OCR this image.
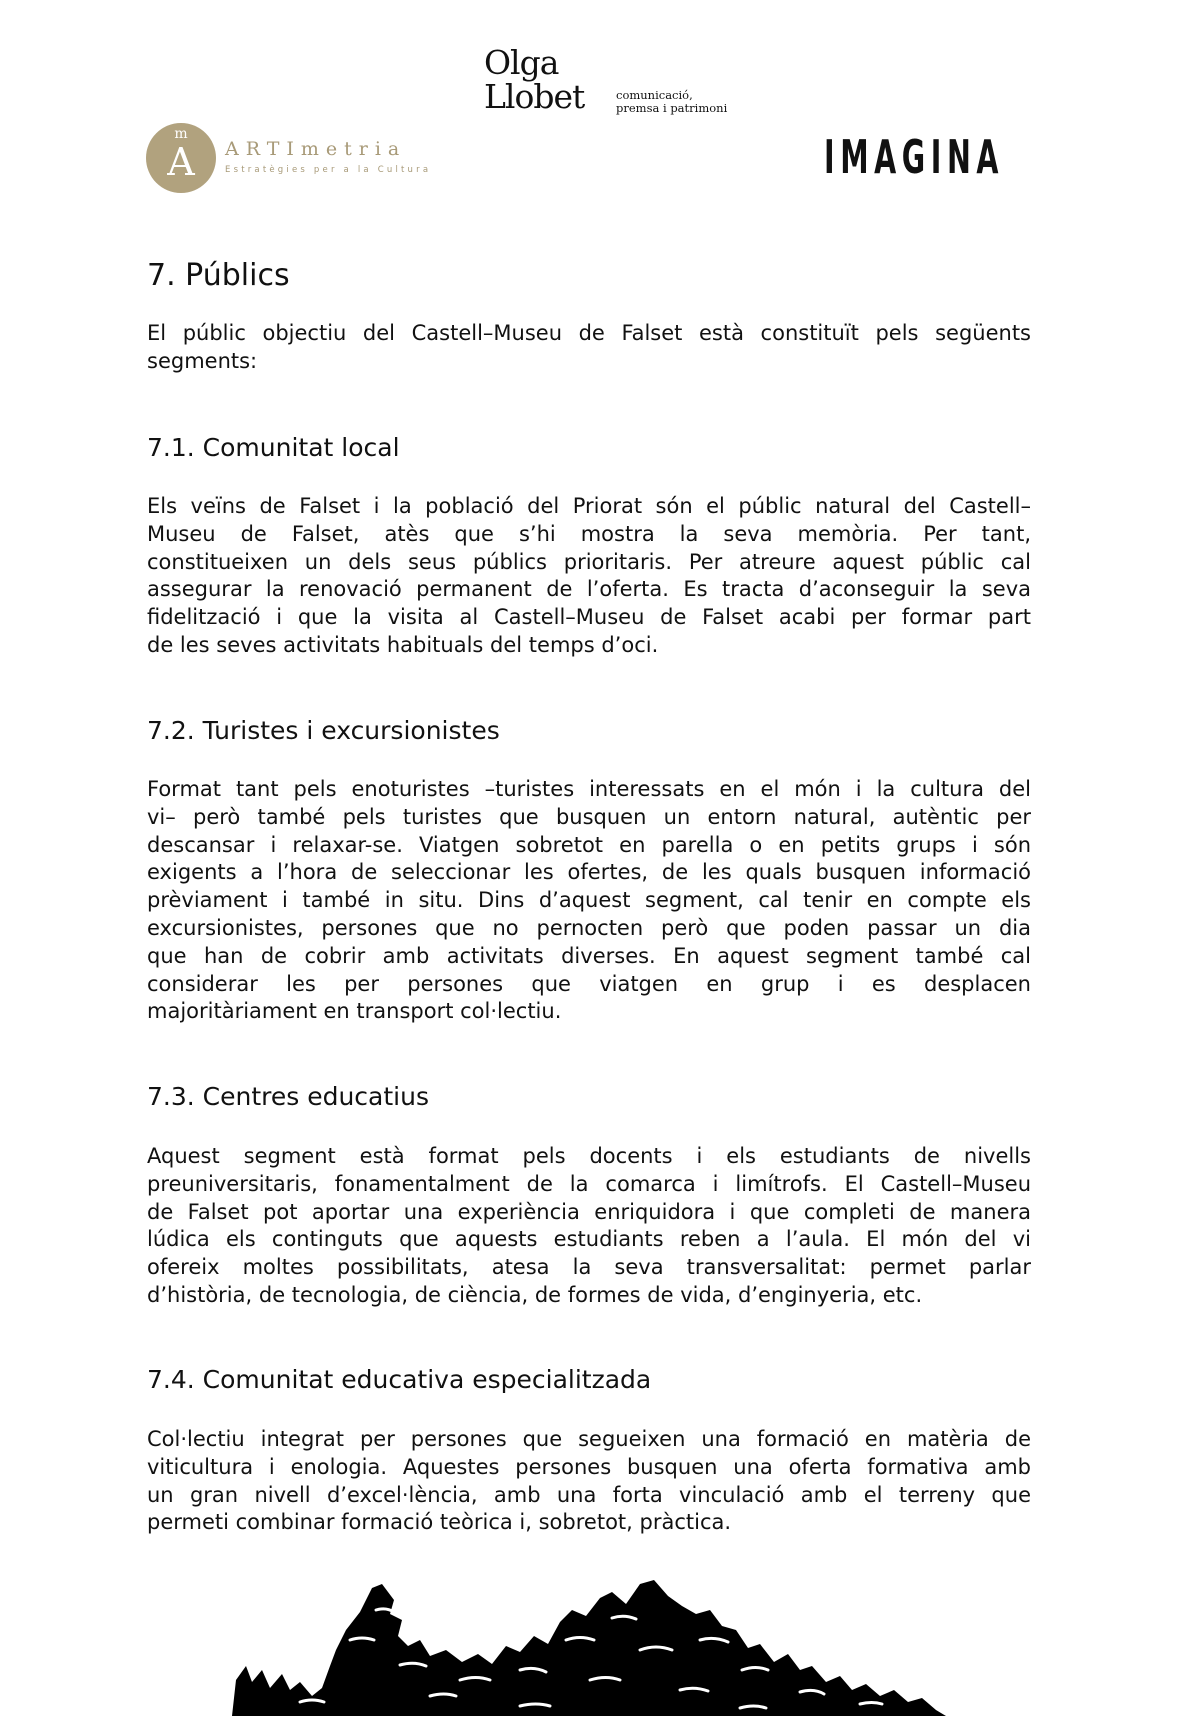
Olga
Llobet	comunicació,
premsa i patrimoni
m
A	ARTImetria
Estratègies per a la Cultura	IMAGINA
7. Públics
El públic objectiu del Castell–Museu de Falset està constituït pels següents
segments:
7.1. Comunitat local
Els veïns de Falset i la població del Priorat són el públic natural del Castell–
Museu de Falset, atès que s’hi mostra la seva memòria. Per tant,
constitueixen un dels seus públics prioritaris. Per atreure aquest públic cal
assegurar la renovació permanent de l’oferta. Es tracta d’aconseguir la seva
fidelització i que la visita al Castell–Museu de Falset acabi per formar part
de les seves activitats habituals del temps d’oci.
7.2. Turistes i excursionistes
Format tant pels enoturistes –turistes interessats en el món i la cultura del
vi– però també pels turistes que busquen un entorn natural, autèntic per
descansar i relaxar-se. Viatgen sobretot en parella o en petits grups i són
exigents a l’hora de seleccionar les ofertes, de les quals busquen informació
prèviament i també in situ. Dins d’aquest segment, cal tenir en compte els
excursionistes, persones que no pernocten però que poden passar un dia
que han de cobrir amb activitats diverses. En aquest segment també cal
considerar les per persones que viatgen en grup i es desplacen
majoritàriament en transport col·lectiu.
7.3. Centres educatius
Aquest segment està format pels docents i els estudiants de nivells
preuniversitaris, fonamentalment de la comarca i limítrofs. El Castell–Museu
de Falset pot aportar una experiència enriquidora i que completi de manera
lúdica els continguts que aquests estudiants reben a l’aula. El món del vi
ofereix moltes possibilitats, atesa la seva transversalitat: permet parlar
d’història, de tecnologia, de ciència, de formes de vida, d’enginyeria, etc.
7.4. Comunitat educativa especialitzada
Col·lectiu integrat per persones que segueixen una formació en matèria de
viticultura i enologia. Aquestes persones busquen una oferta formativa amb
un gran nivell d’excel·lència, amb una forta vinculació amb el terreny que
permeti combinar formació teòrica i, sobretot, pràctica.
